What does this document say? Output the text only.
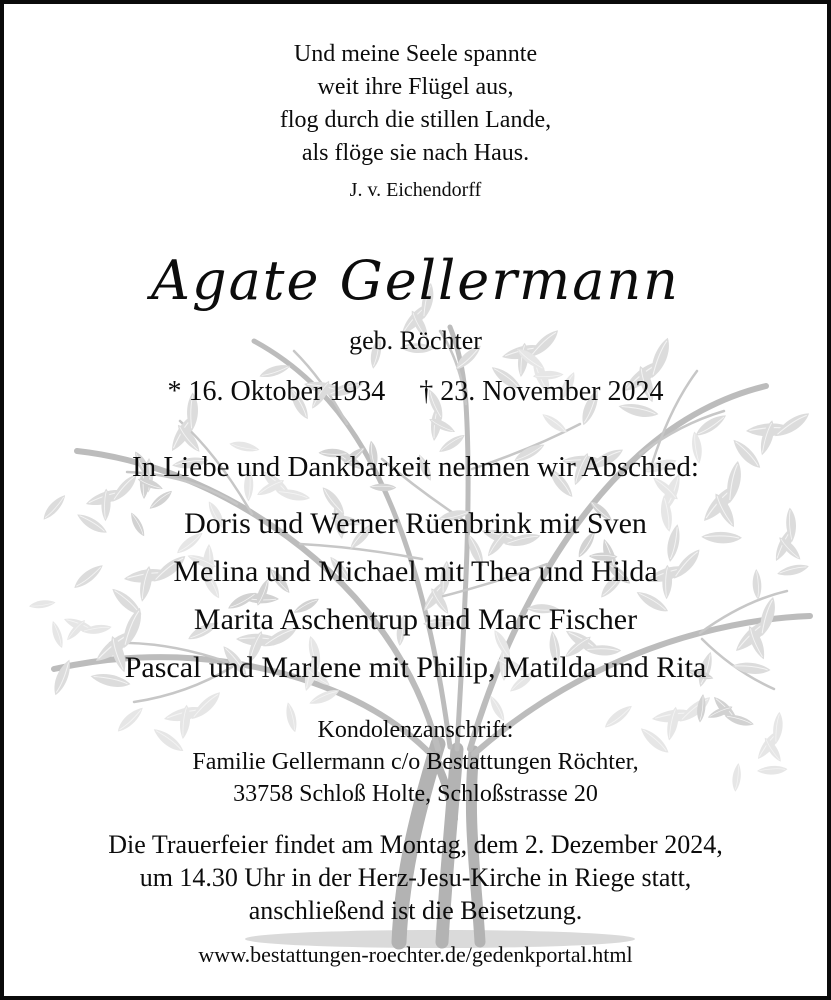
Und meine Seele spannte
weit ihre Flügel aus,
flog durch die stillen Lande,
als flöge sie nach Haus.
J. v. Eichendorff
Agate Gellermann
geb. Röchter
* 16. Oktober 1934 † 23. November 2024
In Liebe und Dankbarkeit nehmen wir Abschied:
Doris und Werner Rüenbrink mit Sven
Melina und Michael mit Thea und Hilda
Marita Aschentrup und Marc Fischer
Pascal und Marlene mit Philip, Matilda und Rita
Kondolenzanschrift:
Familie Gellermann c/o Bestattungen Röchter,
33758 Schloß Holte, Schloßstrasse 20
Die Trauerfeier findet am Montag, dem 2. Dezember 2024,
um 14.30 Uhr in der Herz-Jesu-Kirche in Riege statt,
anschließend ist die Beisetzung.
www.bestattungen-roechter.de/gedenkportal.html
